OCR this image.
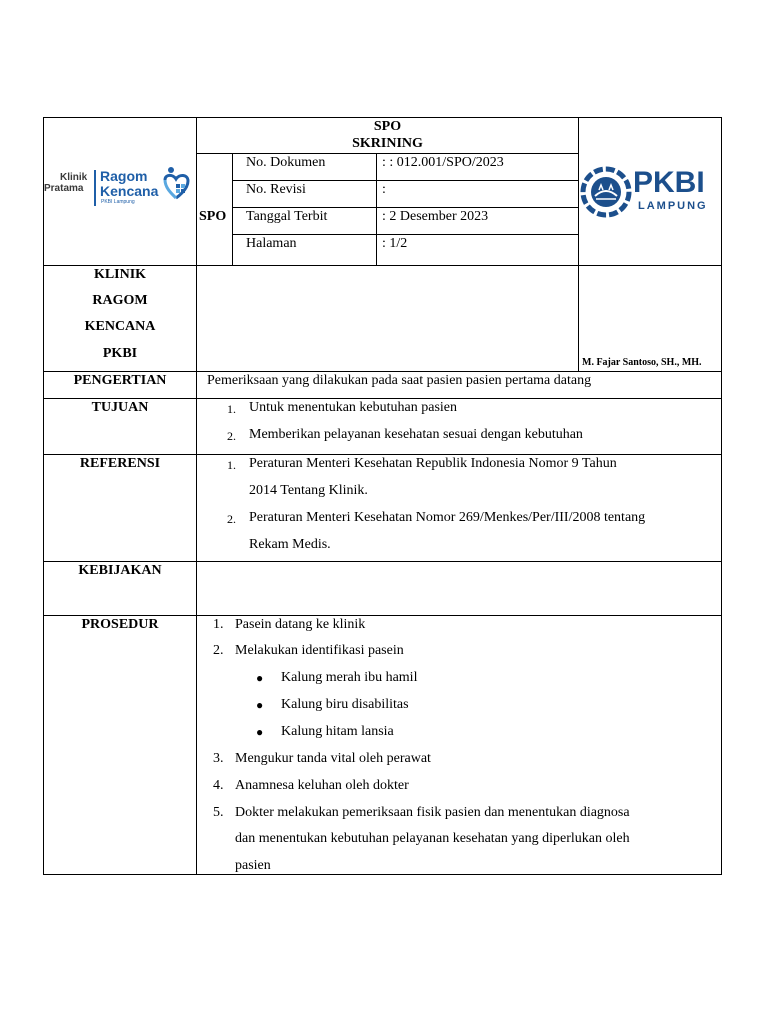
Klinik
Pratama
Ragom
Kencana
PKBI Lampung
SPO
SKRINING
SPO
No. Dokumen	: : 012.001/SPO/2023
No. Revisi	:
Tanggal Terbit	: 2 Desember 2023
Halaman	: 1/2
PKBI
LAMPUNG
KLINIK
RAGOM
KENCANA
PKBI
M. Fajar Santoso, SH., MH.
PENGERTIAN	Pemeriksaan yang dilakukan pada saat pasien pasien pertama datang
TUJUAN	1. Untuk menentukan kebutuhan pasien
2. Memberikan pelayanan kesehatan sesuai dengan kebutuhan
REFERENSI	1. Peraturan Menteri Kesehatan Republik Indonesia Nomor 9 Tahun
2014 Tentang Klinik.
2. Peraturan Menteri Kesehatan Nomor 269/Menkes/Per/III/2008 tentang
Rekam Medis.
KEBIJAKAN
PROSEDUR	1. Pasein datang ke klinik
2. Melakukan identifikasi pasein
● Kalung merah ibu hamil
● Kalung biru disabilitas
● Kalung hitam lansia
3. Mengukur tanda vital oleh perawat
4. Anamnesa keluhan oleh dokter
5. Dokter melakukan pemeriksaan fisik pasien dan menentukan diagnosa
dan menentukan kebutuhan pelayanan kesehatan yang diperlukan oleh
pasien
